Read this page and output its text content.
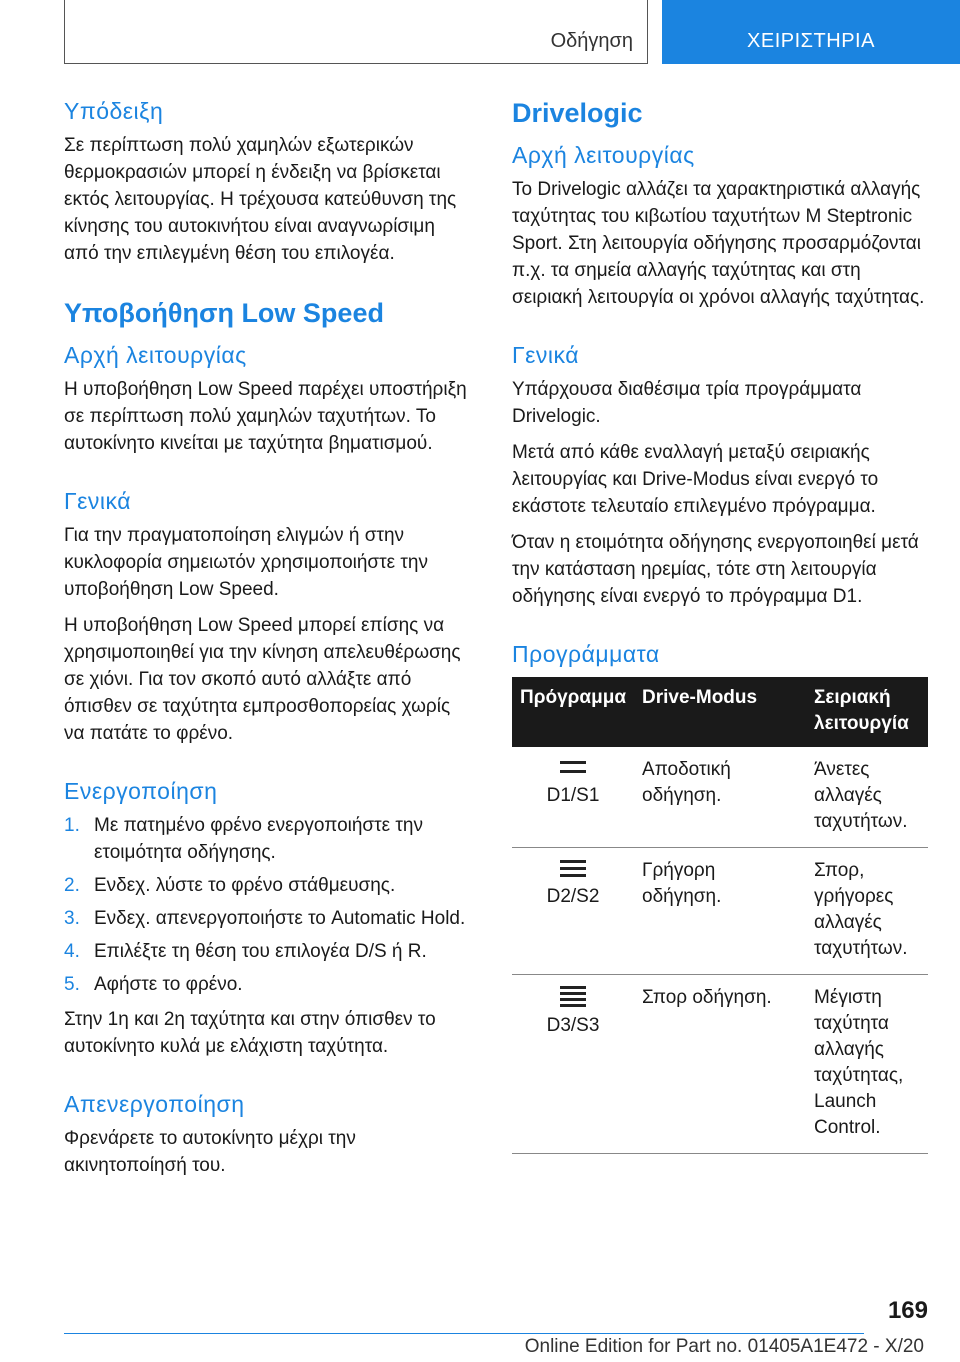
Οδήγηση	ΧΕΙΡΙΣΤΗΡΙΑ
Υπόδειξη

Σε περίπτωση πολύ χαμηλών εξωτερικών θερμοκρασιών μπορεί η ένδειξη να βρίσκεται εκτός λειτουργίας. Η τρέχουσα κατεύθυνση της κίνησης του αυτοκινήτου είναι αναγνωρίσιμη από την επιλεγμένη θέση του επιλογέα.

Υποβοήθηση Low Speed
Αρχή λειτουργίας

Η υποβοήθηση Low Speed παρέχει υποστήριξη σε περίπτωση πολύ χαμηλών ταχυτήτων. Το αυτοκίνητο κινείται με ταχύτητα βηματισμού.

Γενικά

Για την πραγματοποίηση ελιγμών ή στην κυκλοφορία σημειωτόν χρησιμοποιήστε την υποβοήθηση Low Speed.

Η υποβοήθηση Low Speed μπορεί επίσης να χρησιμοποιηθεί για την κίνηση απελευθέρωσης σε χιόνι. Για τον σκοπό αυτό αλλάξτε από όπισθεν σε ταχύτητα εμπροσθοπορείας χωρίς να πατάτε το φρένο.

Ενεργοποίηση
1. Με πατημένο φρένο ενεργοποιήστε την ετοιμότητα οδήγησης.
2. Ενδεχ. λύστε το φρένο στάθμευσης.
3. Ενδεχ. απενεργοποιήστε το Automatic Hold.
4. Επιλέξτε τη θέση του επιλογέα D/S ή R.
5. Αφήστε το φρένο.

Στην 1η και 2η ταχύτητα και στην όπισθεν το αυτοκίνητο κυλά με ελάχιστη ταχύτητα.

Απενεργοποίηση

Φρενάρετε το αυτοκίνητο μέχρι την ακινητοποίησή του.

Drivelogic
Αρχή λειτουργίας

Το Drivelogic αλλάζει τα χαρακτηριστικά αλλαγής ταχύτητας του κιβωτίου ταχυτήτων M Steptronic Sport. Στη λειτουργία οδήγησης προσαρμόζονται π.χ. τα σημεία αλλαγής ταχύτητας και στη σειριακή λειτουργία οι χρόνοι αλλαγής ταχύτητας.

Γενικά

Υπάρχουσα διαθέσιμα τρία προγράμματα Drivelogic.

Μετά από κάθε εναλλαγή μεταξύ σειριακής λειτουργίας και Drive-Modus είναι ενεργό το εκάστοτε τελευταίο επιλεγμένο πρόγραμμα.

Όταν η ετοιμότητα οδήγησης ενεργοποιηθεί μετά την κατάσταση ηρεμίας, τότε στη λειτουργία οδήγησης είναι ενεργό το πρόγραμμα D1.

Προγράμματα
Πρόγραμμα	Drive-Modus	Σειριακή λειτουργία

D1/S1	Αποδοτική οδήγηση.	Άνετες αλλαγές ταχυτήτων.

D2/S2	Γρήγορη οδήγηση.	Σπορ, γρήγορες αλλαγές ταχυτήτων.

D3/S3	Σπορ οδήγηση.	Μέγιστη ταχύτητα αλλαγής ταχύτητας, Launch Control.
169
Online Edition for Part no. 01405A1E472 - X/20
